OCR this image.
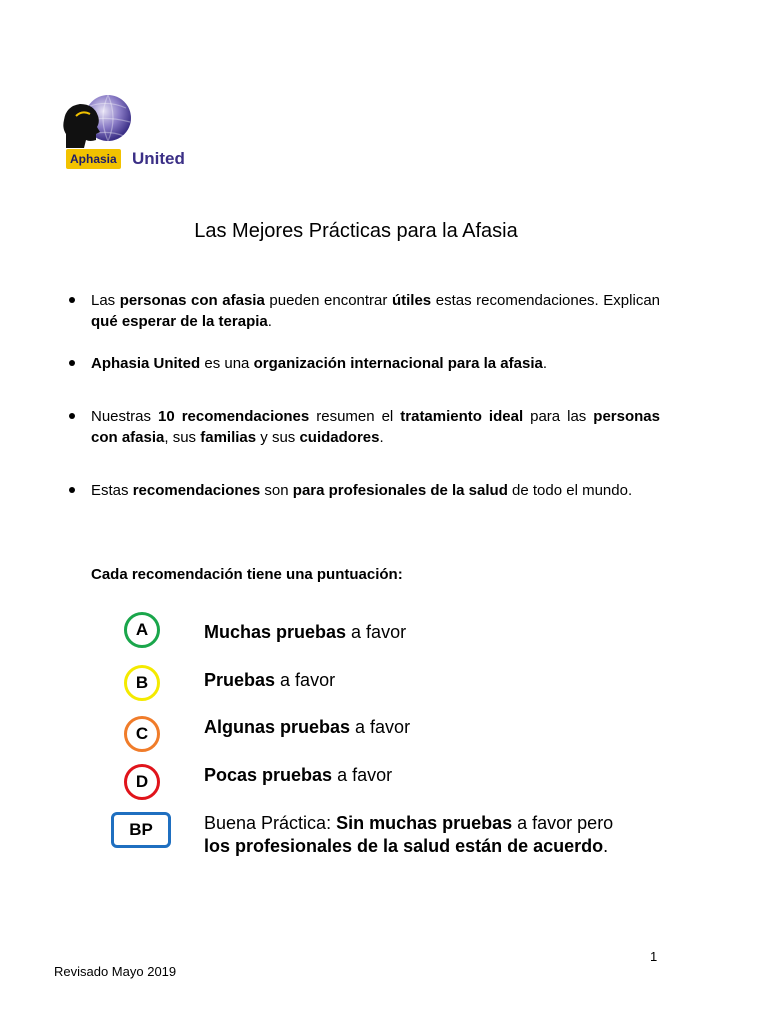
Aphasia United
Las Mejores Prácticas para la Afasia
Las personas con afasia pueden encontrar útiles estas recomendaciones. Explican qué esperar de la terapia.
Aphasia United es una organización internacional para la afasia.
Nuestras 10 recomendaciones resumen el tratamiento ideal para las personas con afasia, sus familias y sus cuidadores.
Estas recomendaciones son para profesionales de la salud de todo el mundo.
Cada recomendación tiene una puntuación:
A	Muchas pruebas a favor
B	Pruebas a favor
C	Algunas pruebas a favor
D	Pocas pruebas a favor
BP	Buena Práctica: Sin muchas pruebas a favor pero
los profesionales de la salud están de acuerdo.
1
Revisado Mayo 2019
